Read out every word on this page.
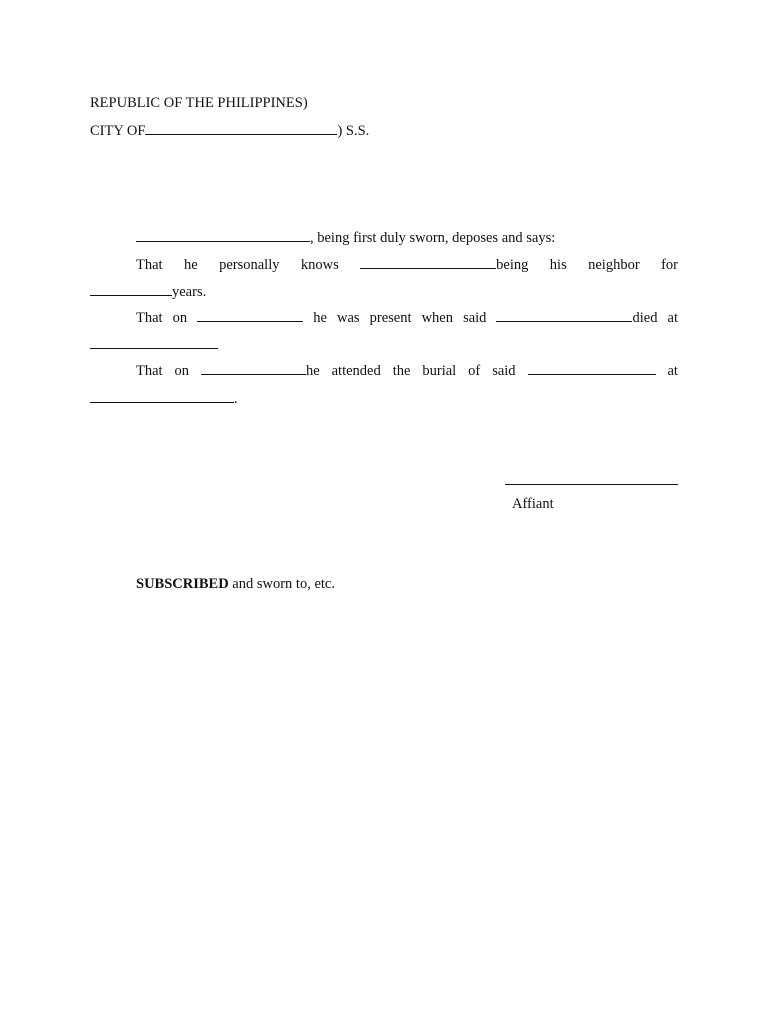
REPUBLIC OF THE PHILIPPINES)
CITY OF	) S.S.
, being first duly sworn, deposes and says:
That he personally knows	being his neighbor for
years.
That on	he was present when said	died at
That on	he attended the burial of said	at
.
Affiant
SUBSCRIBED and sworn to, etc.
